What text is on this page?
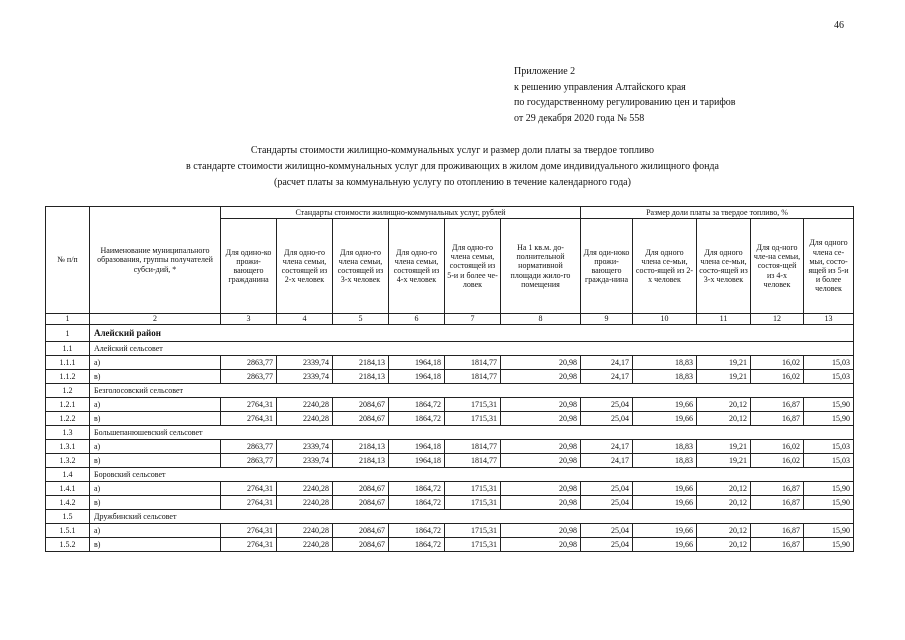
46
Приложение 2
к решению управления Алтайского края
по государственному регулированию цен и тарифов
от 29 декабря 2020 года № 558
Стандарты стоимости жилищно-коммунальных услуг и размер доли платы за твердое топливо
в стандарте стоимости жилищно-коммунальных услуг для проживающих в жилом доме индивидуального жилищного фонда
(расчет платы за коммунальную услугу по отоплению в течение календарного года)
№ п/п	Наименование муниципального образования, группы получателей субси-дий, *	Стандарты стоимости жилищно-коммунальных услуг, рублей						Размер доли платы за твердое топливо, %				
		Для одино-ко прожи-вающего гражданина	Для одно-го члена семьи, состоящей из 2-х человек	Для одно-го члена семьи, состоящей из 3-х человек	Для одно-го члена семьи, состоящей из 4-х человек	Для одно-го члена семьи, состоящей из 5-и и более че-ловек	На 1 кв.м. до-полнительной нормативной площади жило-го помещения	Для оди-ноко прожи-вающего гражда-нина	Для одного члена се-мьи, состо-ящей из 2-х человек	Для одного члена се-мьи, состо-ящей из 3-х человек	Для од-ного чле-на семьи, состоя-щей из 4-х человек	Для одного члена се-мьи, состо-ящей из 5-и и более человек
1	2	3	4	5	6	7	8	9	10	11	12	13
1	Алейский район											
1.1	Алейский сельсовет											
1.1.1	а)	2863,77	2339,74	2184,13	1964,18	1814,77	20,98	24,17	18,83	19,21	16,02	15,03
1.1.2	в)	2863,77	2339,74	2184,13	1964,18	1814,77	20,98	24,17	18,83	19,21	16,02	15,03
1.2	Безголосовский сельсовет											
1.2.1	а)	2764,31	2240,28	2084,67	1864,72	1715,31	20,98	25,04	19,66	20,12	16,87	15,90
1.2.2	в)	2764,31	2240,28	2084,67	1864,72	1715,31	20,98	25,04	19,66	20,12	16,87	15,90
1.3	Большепанюшевский сельсовет											
1.3.1	а)	2863,77	2339,74	2184,13	1964,18	1814,77	20,98	24,17	18,83	19,21	16,02	15,03
1.3.2	в)	2863,77	2339,74	2184,13	1964,18	1814,77	20,98	24,17	18,83	19,21	16,02	15,03
1.4	Боровский сельсовет											
1.4.1	а)	2764,31	2240,28	2084,67	1864,72	1715,31	20,98	25,04	19,66	20,12	16,87	15,90
1.4.2	в)	2764,31	2240,28	2084,67	1864,72	1715,31	20,98	25,04	19,66	20,12	16,87	15,90
1.5	Дружбинский сельсовет											
1.5.1	а)	2764,31	2240,28	2084,67	1864,72	1715,31	20,98	25,04	19,66	20,12	16,87	15,90
1.5.2	в)	2764,31	2240,28	2084,67	1864,72	1715,31	20,98	25,04	19,66	20,12	16,87	15,90
